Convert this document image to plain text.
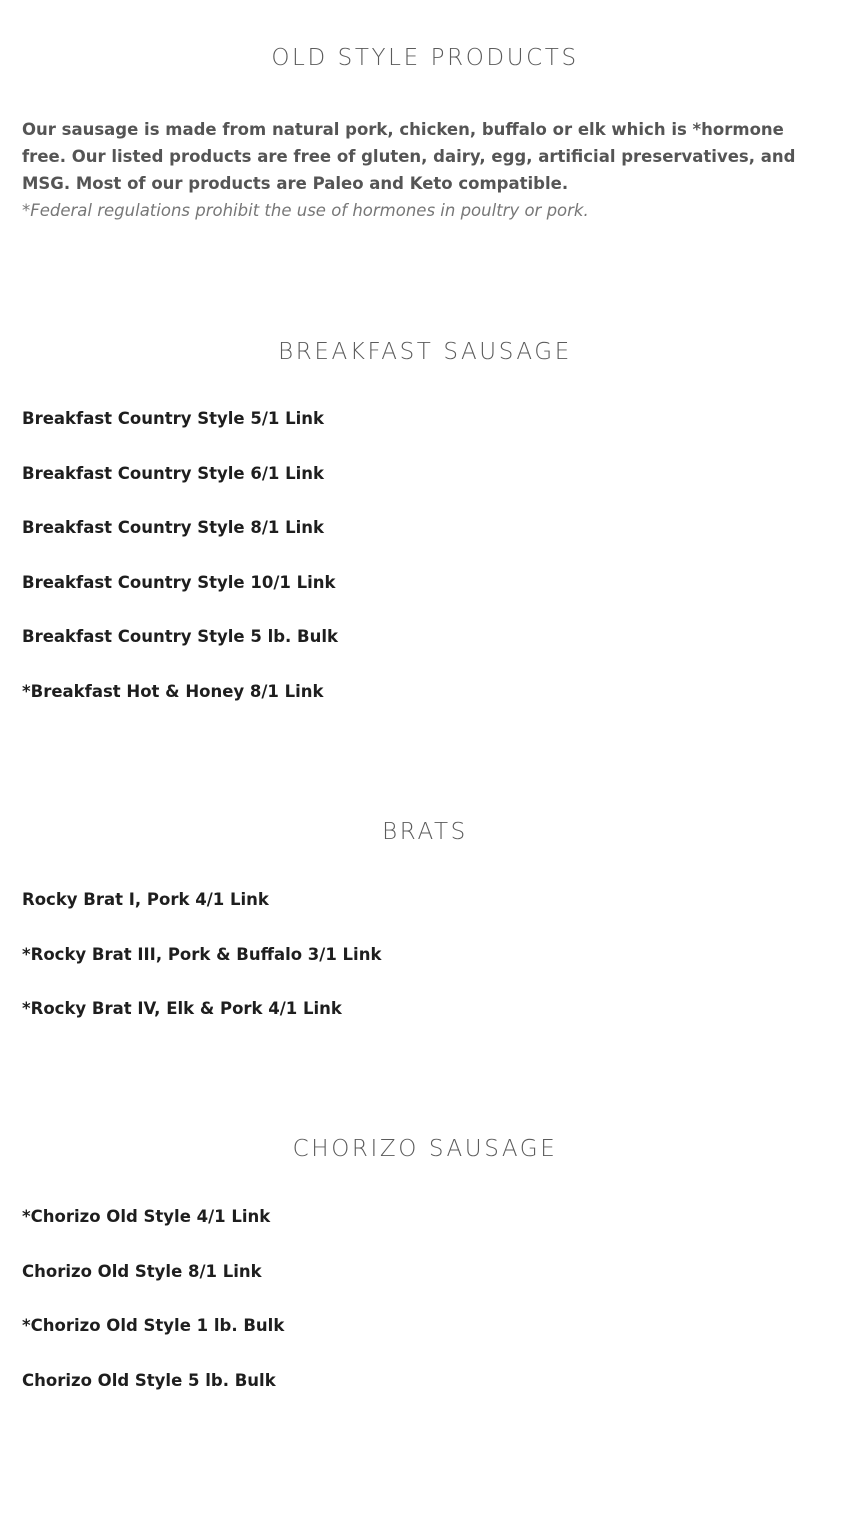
OLD STYLE PRODUCTS

Our sausage is made from natural pork, chicken, buffalo or elk which is *hormone free. Our listed products are free of gluten, dairy, egg, artificial preservatives, and MSG. Most of our products are Paleo and Keto compatible.
*Federal regulations prohibit the use of hormones in poultry or pork.

BREAKFAST SAUSAGE
Breakfast Country Style 5/1 Link
Breakfast Country Style 6/1 Link
Breakfast Country Style 8/1 Link
Breakfast Country Style 10/1 Link
Breakfast Country Style 5 lb. Bulk
*Breakfast Hot & Honey 8/1 Link
BRATS
Rocky Brat I, Pork 4/1 Link
*Rocky Brat III, Pork & Buffalo 3/1 Link
*Rocky Brat IV, Elk & Pork 4/1 Link
CHORIZO SAUSAGE
*Chorizo Old Style 4/1 Link
Chorizo Old Style 8/1 Link
*Chorizo Old Style 1 lb. Bulk
Chorizo Old Style 5 lb. Bulk
